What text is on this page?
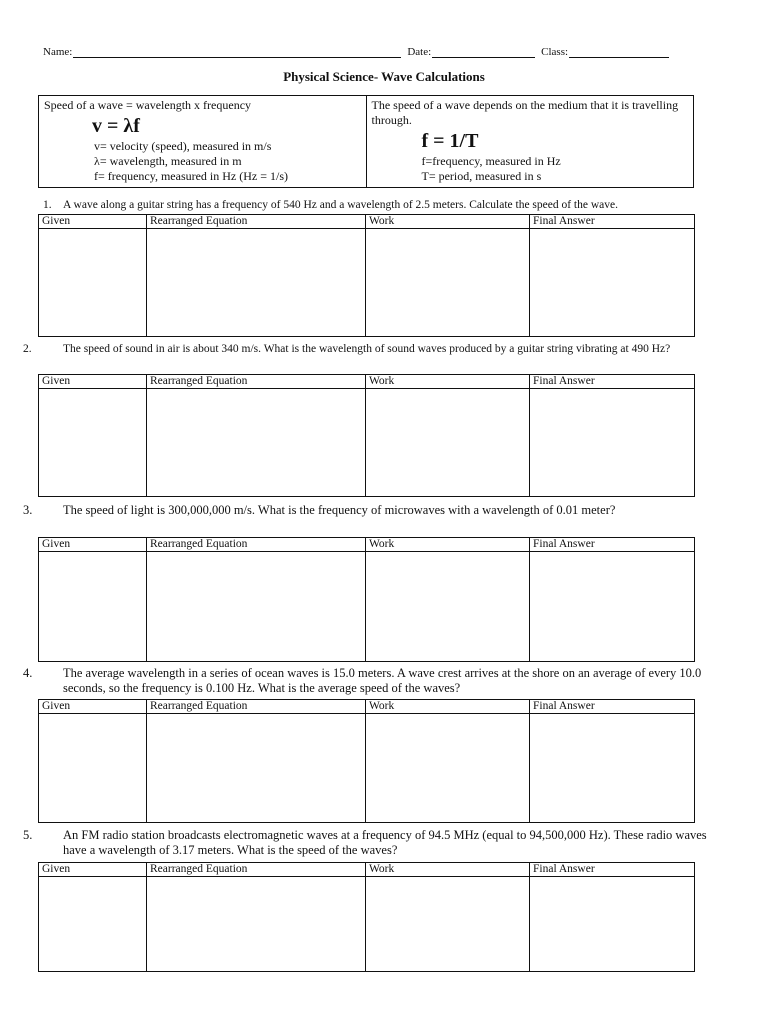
Name:	Date:	Class:
Physical Science- Wave Calculations
Speed of a wave = wavelength x frequency
v = λf
v= velocity (speed), measured in m/s
λ= wavelength, measured in m
f= frequency, measured in Hz (Hz = 1/s)
The speed of a wave depends on the medium that it is travelling through.
f = 1/T
f=frequency, measured in Hz
T= period, measured in s
1. A wave along a guitar string has a frequency of 540 Hz and a wavelength of 2.5 meters. Calculate the speed of the wave.
Given	Rearranged Equation	Work	Final Answer

2.	The speed of sound in air is about 340 m/s. What is the wavelength of sound waves produced by a guitar string vibrating at 490 Hz?
Given	Rearranged Equation	Work	Final Answer

3. The speed of light is 300,000,000 m/s. What is the frequency of microwaves with a wavelength of 0.01 meter?
Given	Rearranged Equation	Work	Final Answer

4. The average wavelength in a series of ocean waves is 15.0 meters. A wave crest arrives at the shore on an average of every 10.0 seconds, so the frequency is 0.100 Hz. What is the average speed of the waves?
Given	Rearranged Equation	Work	Final Answer

5. An FM radio station broadcasts electromagnetic waves at a frequency of 94.5 MHz (equal to 94,500,000 Hz). These radio waves have a wavelength of 3.17 meters. What is the speed of the waves?
Given	Rearranged Equation	Work	Final Answer
